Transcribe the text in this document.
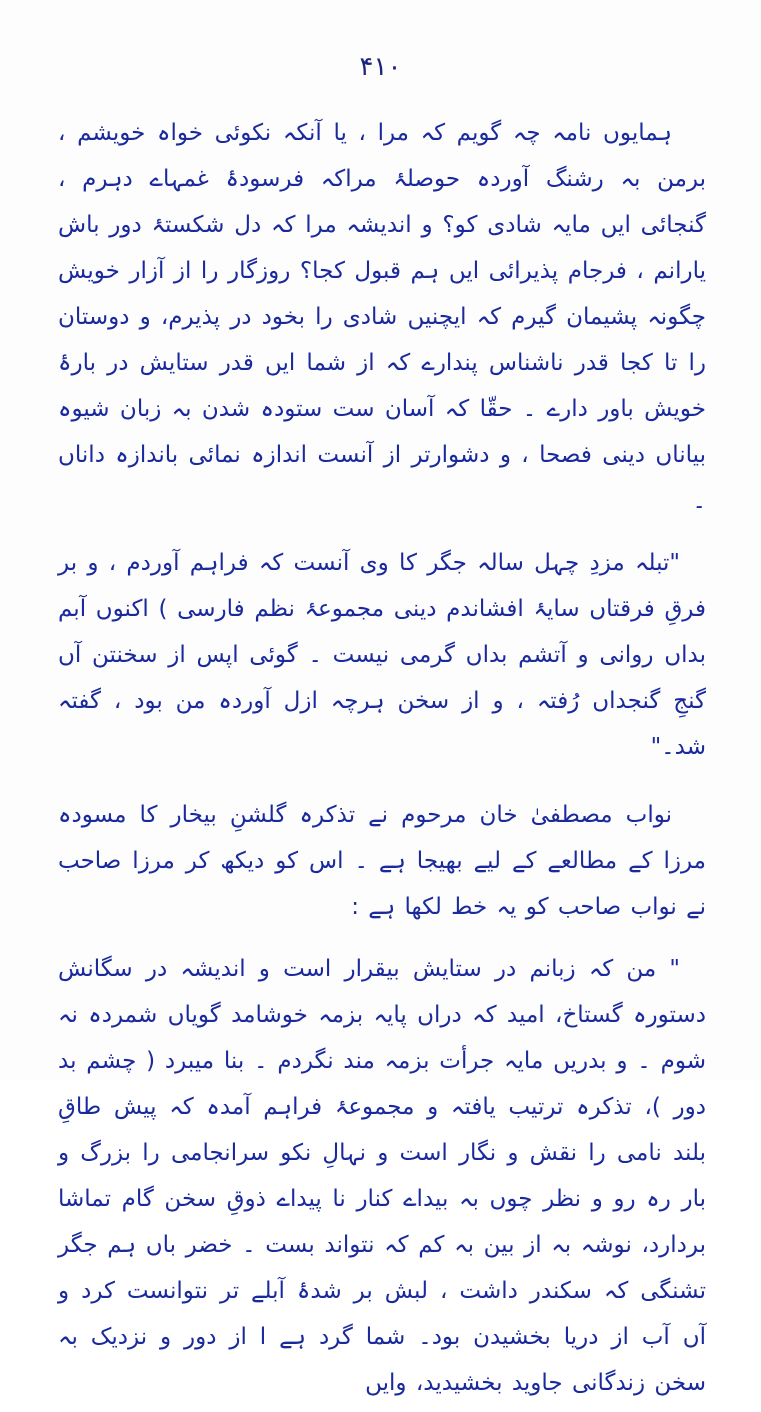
۴۱۰

ہمایوں نامہ چہ گویم کہ مرا ، یا آنکہ نکوئی خواہ خویشم ، برمن بہ رشنگ آوردہ حوصلۂ مراکہ فرسودۂ غمہاے دہرم ، گنجائی ایں مایہ شادی کو؟ و اندیشہ مرا کہ دل شکستۂ دور باش یارانم ، فرجام پذیرائی ایں ہم قبول کجا؟ روزگار را از آزار خویش چگونہ پشیمان گیرم کہ ایچنیں شادی را بخود در پذیرم، و دوستان را تا کجا قدر ناشناس پندارے کہ از شما ایں قدر ستایش در بارۂ خویش باور دارے ۔ حقّا کہ آسان ست ستودہ شدن بہ زبان شیوہ بیاناں دینی فصحا ، و دشوارتر از آنست اندازہ نمائی باندازہ داناں ۔

"تبلہ مزدِ چہل سالہ جگر کا وی آنست کہ فراہم آوردم ، و بر فرقِ فرقتاں سایۂ افشاندم دینی مجموعۂ نظم فارسی ) اکنوں آبم بداں روانی و آتشم بداں گرمی نیست ۔ گوئی اپس از سخنتن آں گنجِ گنجداں رُفتہ ، و از سخن ہرچہ ازل آوردہ من بود ، گفتہ شد۔"

نواب مصطفیٰ خان مرحوم نے تذکرہ گلشنِ بیخار کا مسودہ مرزا کے مطالعے کے لیے بھیجا ہے ۔ اس کو دیکھ کر مرزا صاحب نے نواب صاحب کو یہ خط لکھا ہے :

" من کہ زبانم در ستایش بیقرار است و اندیشہ در سگانش دستورہ گستاخ، امید کہ دراں پایہ بزمہ خوشامد گویاں شمردہ نہ شوم ۔ و بدریں مایہ جرأت بزمہ مند نگردم ۔ بنا میبرد ( چشم بد دور )، تذکرہ ترتیب یافتہ و مجموعۂ فراہم آمدہ کہ پیش طاقِ بلند نامی را نقش و نگار است و نہالِ نکو سرانجامی را بزرگ و بار رہ رو و نظر چوں بہ بیداے کنار نا پیداے ذوقِ سخن گام تماشا بردارد، نوشہ بہ از بین بہ کم کہ نتواند بست ۔ خضر باں ہم جگر تشنگی کہ سکندر داشت ، لبش بر شدۂ آبلے تر نتوانست کرد و آں آب از دریا بخشیدن بود۔ شما گرد ہے ا از دور و نزدیک بہ سخن زندگانی جاوید بخشیدید، وایں
